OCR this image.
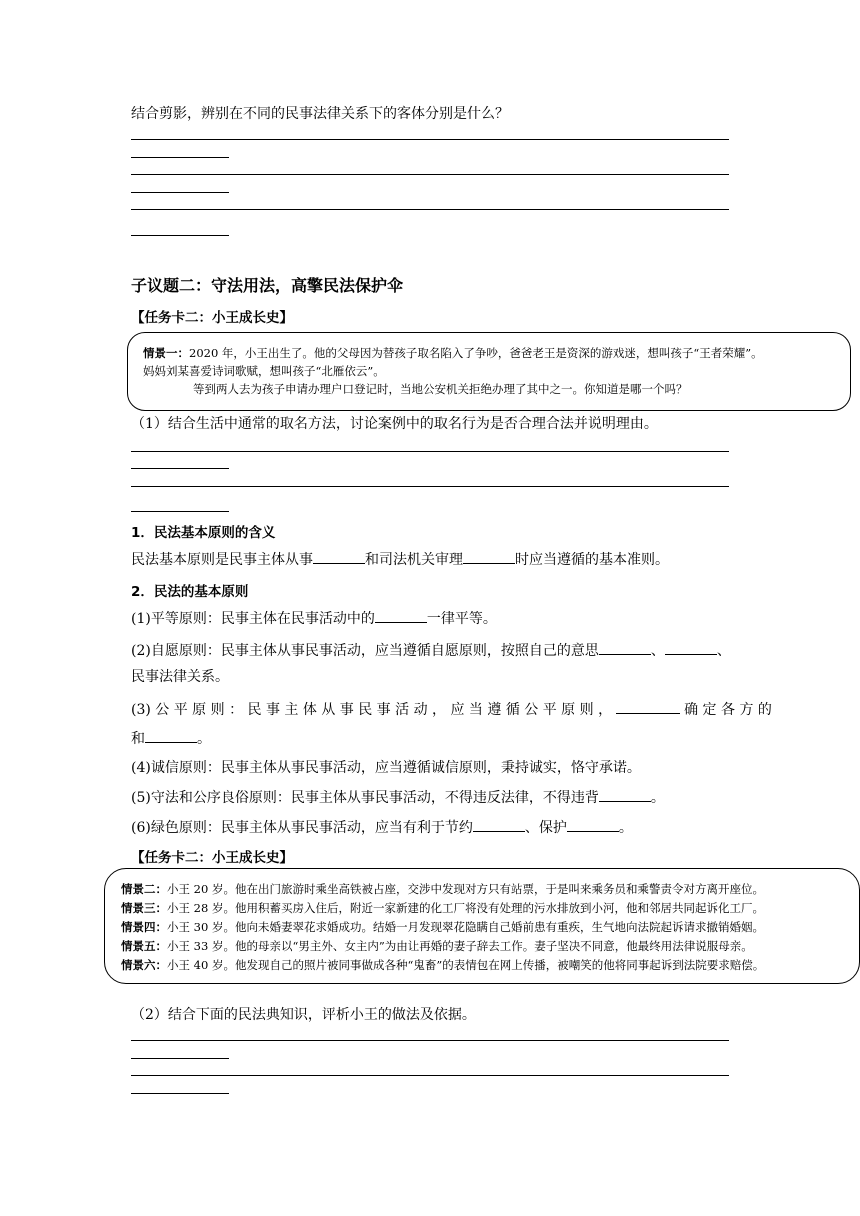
结合剪影，辨别在不同的民事法律关系下的客体分别是什么？
子议题二：守法用法，高擎民法保护伞
【任务卡二：小王成长史】
情景一：2020 年，小王出生了。他的父母因为替孩子取名陷入了争吵，爸爸老王是资深的游戏迷，想叫孩子“王者荣耀”。
妈妈刘某喜爱诗词歌赋，想叫孩子“北雁依云”。
等到两人去为孩子申请办理户口登记时，当地公安机关拒绝办理了其中之一。你知道是哪一个吗？
（1）结合生活中通常的取名方法，讨论案例中的取名行为是否合理合法并说明理由。
1．民法基本原则的含义
民法基本原则是民事主体从事	和司法机关审理	时应当遵循的基本准则。
2．民法的基本原则
(1)平等原则：民事主体在民事活动中的	一律平等。
(2)自愿原则：民事主体从事民事活动，应当遵循自愿原则，按照自己的意思	、	、
民事法律关系。
(3) 公 平 原 则 ： 民 事 主 体 从 事 民 事 活 动 ， 应 当 遵 循 公 平 原 则 ，	确 定 各 方 的
和	。
(4)诚信原则：民事主体从事民事活动，应当遵循诚信原则，秉持诚实，恪守承诺。
(5)守法和公序良俗原则：民事主体从事民事活动，不得违反法律，不得违背	。
(6)绿色原则：民事主体从事民事活动，应当有利于节约	、保护	。
【任务卡二：小王成长史】
情景二：小王 20 岁。他在出门旅游时乘坐高铁被占座，交涉中发现对方只有站票，于是叫来乘务员和乘警责令对方离开座位。
情景三：小王 28 岁。他用积蓄买房入住后，附近一家新建的化工厂将没有处理的污水排放到小河，他和邻居共同起诉化工厂。
情景四：小王 30 岁。他向未婚妻翠花求婚成功。结婚一月发现翠花隐瞒自己婚前患有重疾，生气地向法院起诉请求撤销婚姻。
情景五：小王 33 岁。他的母亲以“男主外、女主内”为由让再婚的妻子辞去工作。妻子坚决不同意，他最终用法律说服母亲。
情景六：小王 40 岁。他发现自己的照片被同事做成各种“鬼畜”的表情包在网上传播，被嘲笑的他将同事起诉到法院要求赔偿。
（2）结合下面的民法典知识，评析小王的做法及依据。
